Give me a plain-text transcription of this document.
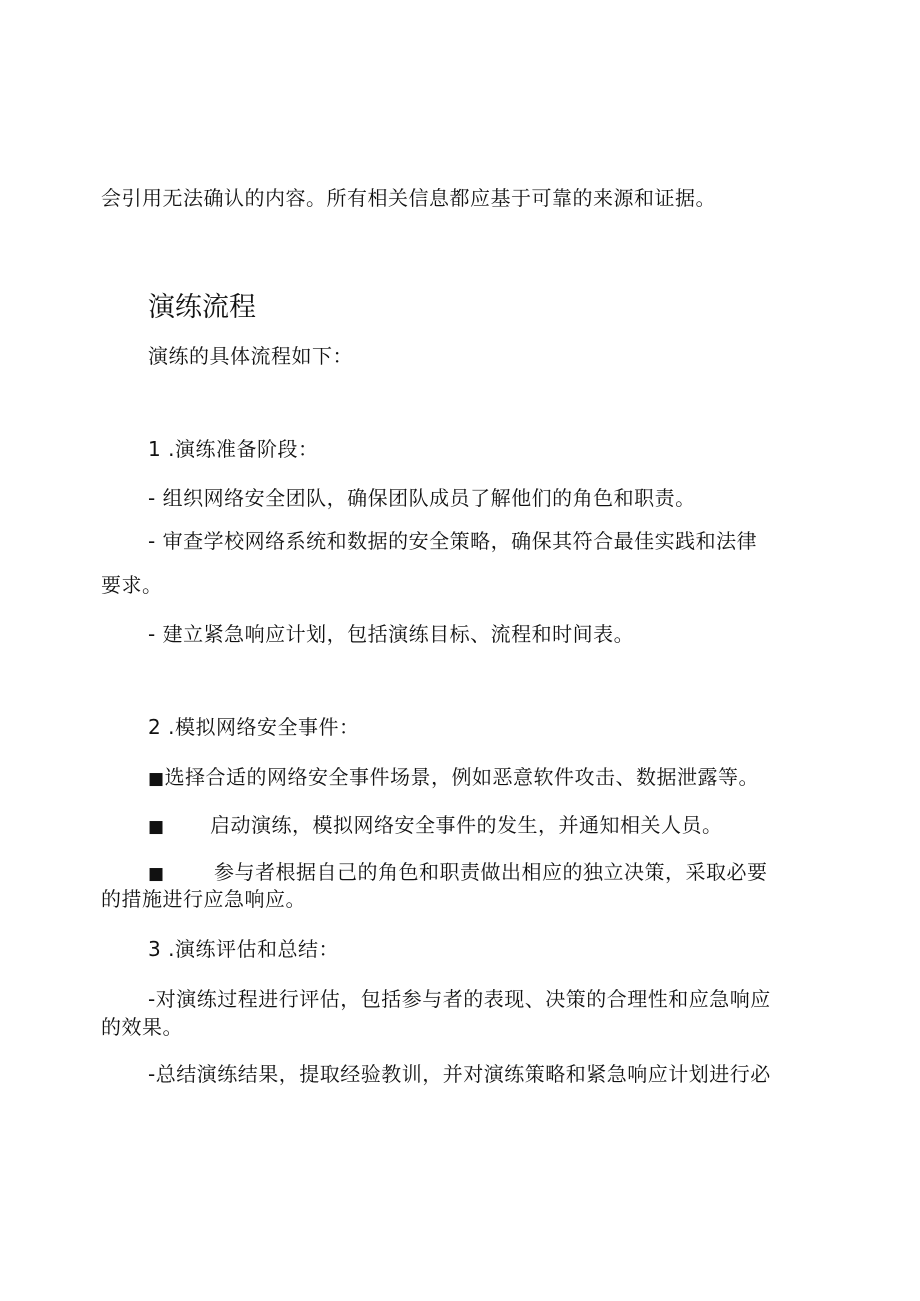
会引用无法确认的内容。所有相关信息都应基于可靠的来源和证据。
演练流程
演练的具体流程如下：
1 .演练准备阶段：
- 组织网络安全团队，确保团队成员了解他们的角色和职责。
- 审查学校网络系统和数据的安全策略，确保其符合最佳实践和法律
要求。
- 建立紧急响应计划，包括演练目标、流程和时间表。
2 .模拟网络安全事件：
■选择合适的网络安全事件场景，例如恶意软件攻击、数据泄露等。
■ 启动演练，模拟网络安全事件的发生，并通知相关人员。
■ 参与者根据自己的角色和职责做出相应的独立决策，采取必要
的措施进行应急响应。
3 .演练评估和总结：
-对演练过程进行评估，包括参与者的表现、决策的合理性和应急响应
的效果。
-总结演练结果，提取经验教训，并对演练策略和紧急响应计划进行必
